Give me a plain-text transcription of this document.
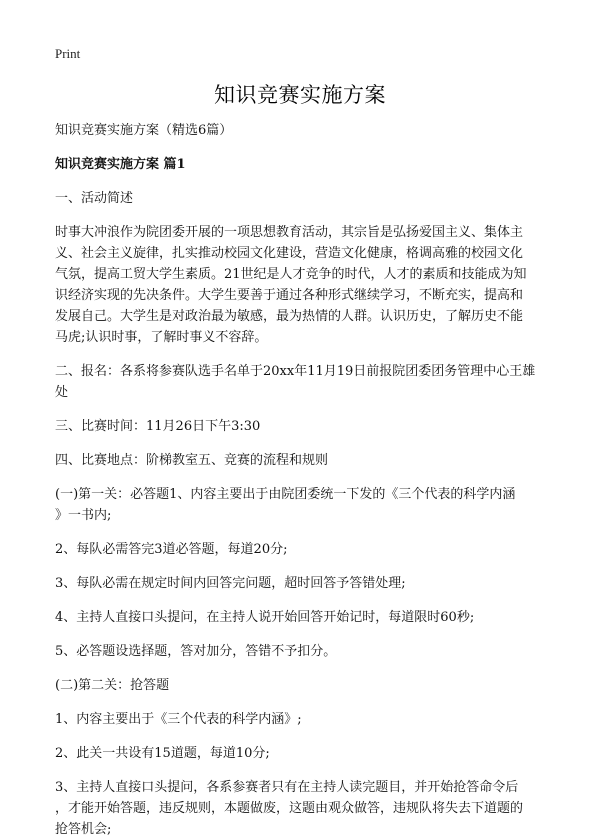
Print
知识竞赛实施方案

知识竞赛实施方案（精选6篇）

知识竞赛实施方案 篇1

一、活动简述

时事大冲浪作为院团委开展的一项思想教育活动，其宗旨是弘扬爱国主义、集体主

义、社会主义旋律，扎实推动校园文化建设，营造文化健康，格调高雅的校园文化

气氛，提高工贸大学生素质。21世纪是人才竞争的时代，人才的素质和技能成为知

识经济实现的先决条件。大学生要善于通过各种形式继续学习，不断充实，提高和

发展自己。大学生是对政治最为敏感，最为热情的人群。认识历史，了解历史不能

马虎;认识时事，了解时事义不容辞。

二、报名：各系将参赛队选手名单于20xx年11月19日前报院团委团务管理中心王雄

处

三、比赛时间：11月26日下午3:30

四、比赛地点：阶梯教室五、竞赛的流程和规则

(一)第一关：必答题1、内容主要出于由院团委统一下发的《三个代表的科学内涵

》一书内;

2、每队必需答完3道必答题，每道20分;

3、每队必需在规定时间内回答完问题，超时回答予答错处理;

4、主持人直接口头提问，在主持人说开始回答开始记时，每道限时60秒;

5、必答题设选择题，答对加分，答错不予扣分。

(二)第二关：抢答题

1、内容主要出于《三个代表的科学内涵》;

2、此关一共设有15道题，每道10分;

3、主持人直接口头提问，各系参赛者只有在主持人读完题目，并开始抢答命令后

，才能开始答题，违反规则，本题做废，这题由观众做答，违规队将失去下道题的

抢答机会;
